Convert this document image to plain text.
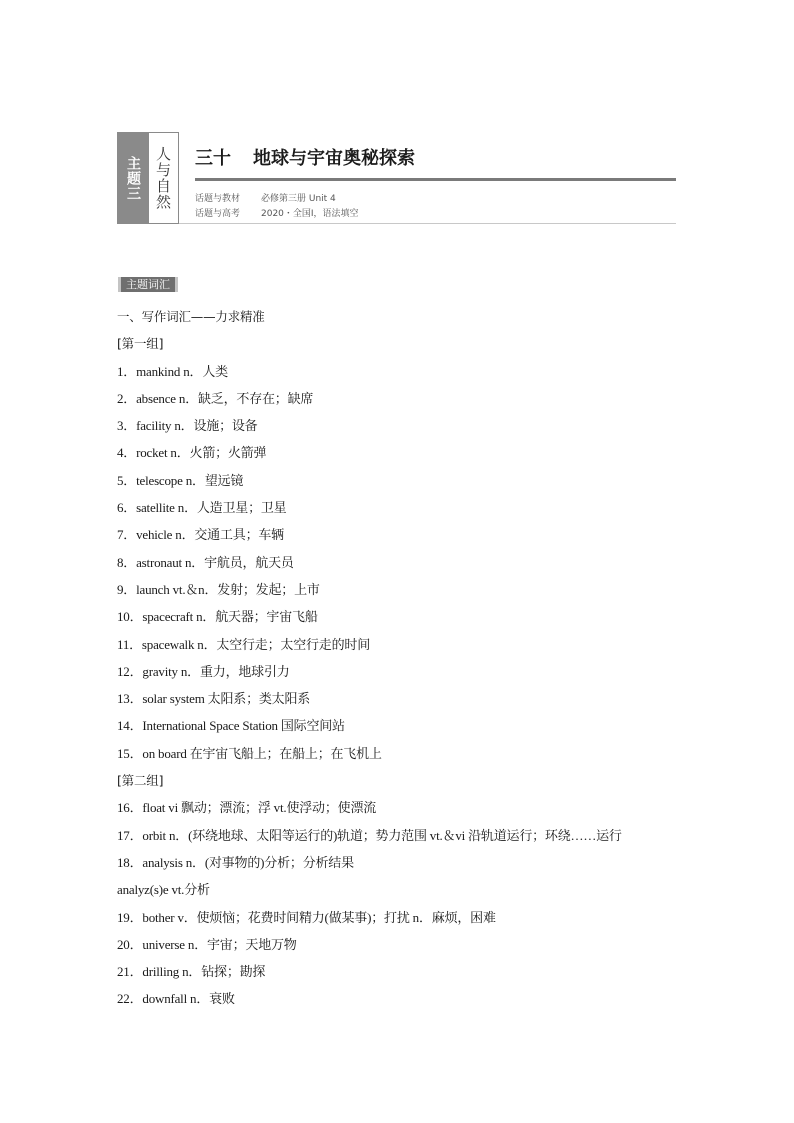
主题三 人与自然 三十 地球与宇宙奥秘探索
话题与教材 必修第三册 Unit 4
话题与高考 2020・全国Ⅰ，语法填空
主题词汇
一、写作词汇——力求精准
[第一组]
1．mankind n．人类
2．absence n．缺乏，不存在；缺席
3．facility n．设施；设备
4．rocket n．火箭；火箭弹
5．telescope n．望远镜
6．satellite n．人造卫星；卫星
7．vehicle n．交通工具；车辆
8．astronaut n．宇航员，航天员
9．launch vt.＆n．发射；发起；上市
10．spacecraft n．航天器；宇宙飞船
11．spacewalk n．太空行走；太空行走的时间
12．gravity n．重力，地球引力
13．solar system 太阳系；类太阳系
14．International Space Station 国际空间站
15．on board 在宇宙飞船上；在船上；在飞机上
[第二组]
16．float vi 飘动；漂流；浮 vt.使浮动；使漂流
17．orbit n．(环绕地球、太阳等运行的)轨道；势力范围 vt.＆vi 沿轨道运行；环绕……运行
18．analysis n．(对事物的)分析；分析结果
analyz(s)e vt.分析
19．bother v．使烦恼；花费时间精力(做某事)；打扰 n．麻烦，困难
20．universe n．宇宙；天地万物
21．drilling n．钻探；勘探
22．downfall n．衰败
